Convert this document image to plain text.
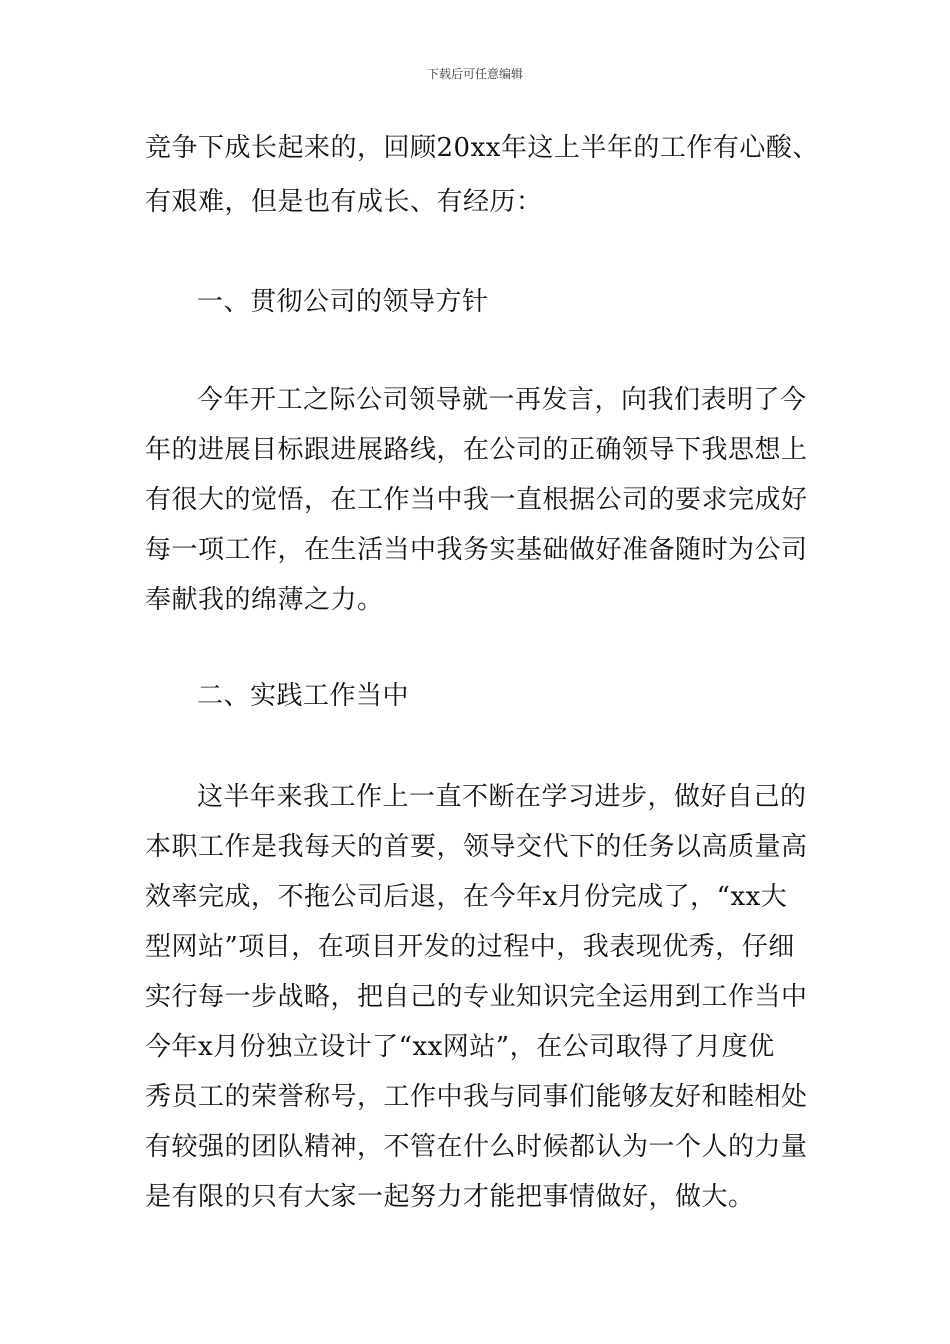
下载后可任意编辑
竞争下成长起来的，回顾20xx年这上半年的工作有心酸、
有艰难，但是也有成长、有经历：
一、贯彻公司的领导方针
今年开工之际公司领导就一再发言，向我们表明了今
年的进展目标跟进展路线，在公司的正确领导下我思想上
有很大的觉悟，在工作当中我一直根据公司的要求完成好
每一项工作，在生活当中我务实基础做好准备随时为公司
奉献我的绵薄之力。
二、实践工作当中
这半年来我工作上一直不断在学习进步，做好自己的
本职工作是我每天的首要，领导交代下的任务以高质量高
效率完成，不拖公司后退，在今年x月份完成了，“xx大
型网站”项目，在项目开发的过程中，我表现优秀，仔细
实行每一步战略，把自己的专业知识完全运用到工作当中
今年x月份独立设计了“xx网站”，在公司取得了月度优
秀员工的荣誉称号，工作中我与同事们能够友好和睦相处
有较强的团队精神，不管在什么时候都认为一个人的力量
是有限的只有大家一起努力才能把事情做好，做大。
